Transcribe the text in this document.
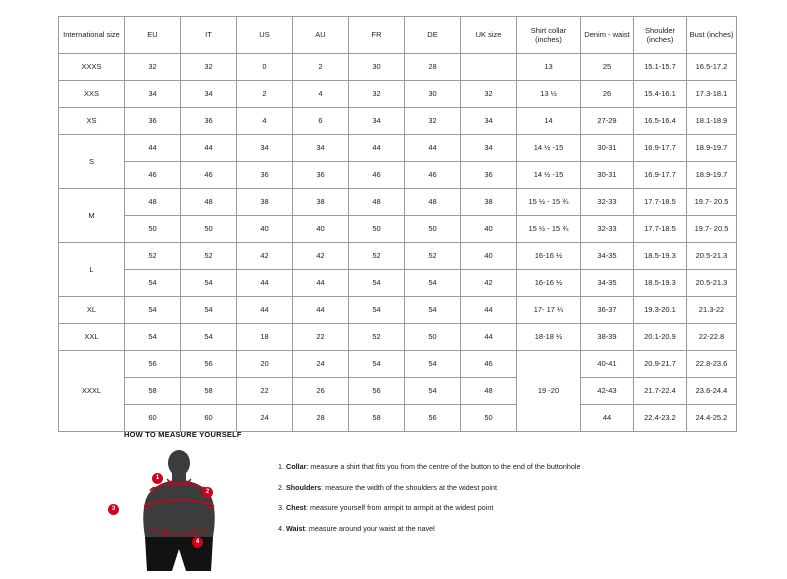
International size	EU	IT	US	AU	FR	DE	UK size	Shirt collar (inches)	Denim - waist	Shoulder (inches)	Bust (inches)
XXXS	32	32	0	2	30	28		13	25	15.1-15.7	16.5-17.2
XXS	34	34	2	4	32	30	32	13 ½	26	15.4-16.1	17.3-18.1
XS	36	36	4	6	34	32	34	14	27-29	16.5-16.4	18.1-18.9
S	44	44	34	34	44	44	34	14 ½ -15	30-31	16.9-17.7	18.9-19.7
	46	46	36	36	46	46	36	14 ½ -15	30-31	16.9-17.7	18.9-19.7
M	48	48	38	38	48	48	38	15 ½ - 15 ¾	32-33	17.7-18.5	19.7- 20.5
	50	50	40	40	50	50	40	15 ½ - 15 ¾	32-33	17.7-18.5	19.7- 20.5
L	52	52	42	42	52	52	40	16-16 ½	34-35	18.5-19.3	20.5-21.3
	54	54	44	44	54	54	42	16-16 ½	34-35	18.5-19.3	20.5-21.3
XL	54	54	44	44	54	54	44	17- 17 ¼	36-37	19.3-20.1	21.3-22
XXL	54	54	18	22	52	50	44	18-18 ½	38-39	20.1-20.9	22-22.8
XXXL	56	56	20	24	54	54	46	19 -20	40-41	20.9-21.7	22.8-23.6
	58	58	22	26	56	54	48		42-43	21.7-22.4	23.6-24.4
	60	60	24	28	58	56	50		44	22.4-23.2	24.4-25.2
HOW TO MEASURE YOURSELF
1
2
3
4
1. Collar: measure a shirt that fits you from the centre of the button to the end of the buttonhole
2. Shoulders: measure the width of the shoulders at the widest point
3. Chest: measure yourself from armpit to armpit at the widest point
4. Waist: measure around your waist at the navel
